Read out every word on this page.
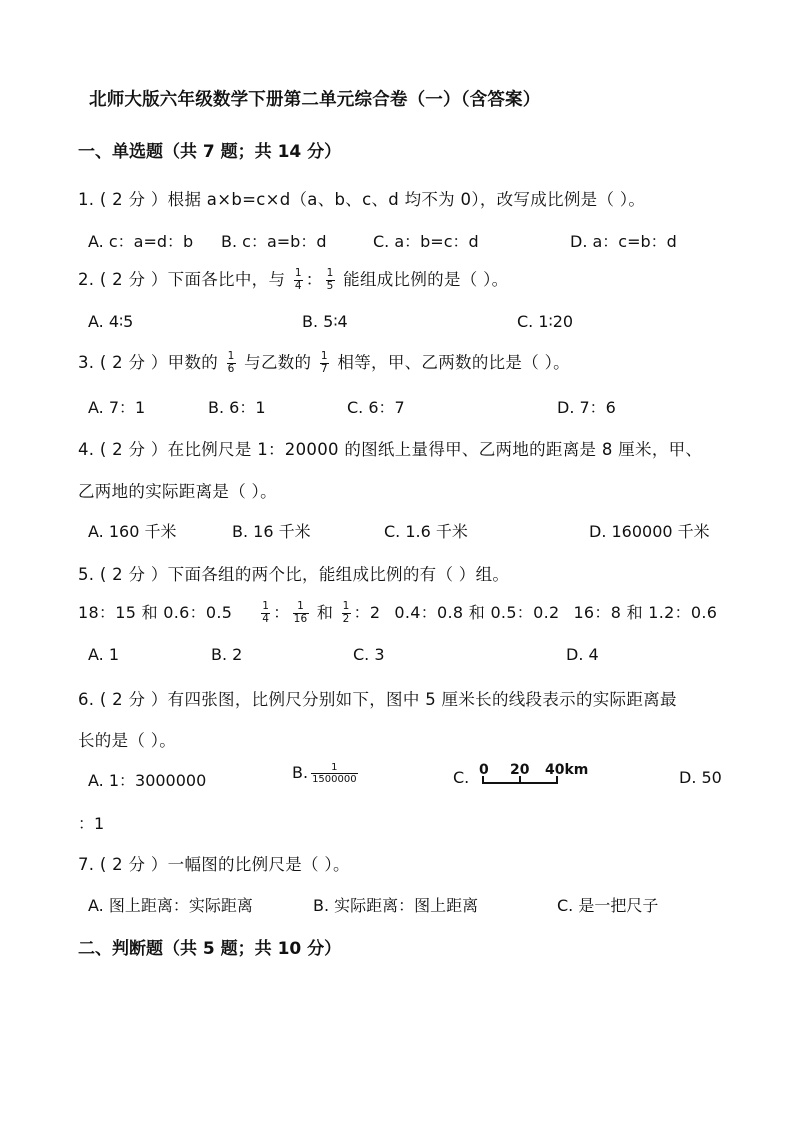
北师大版六年级数学下册第二单元综合卷（一）（含答案）
一、单选题（共 7 题；共 14 分）
1. ( 2 分 ）根据 a×b=c×d（a、b、c、d 均不为 0），改写成比例是（ ）。
A. c：a=d：b B. c：a=b：d	C. a：b=c：d	D. a：c=b：d
2. ( 2 分 ）下面各比中，与 $\frac{1}{4}$ ： $\frac{1}{5}$ 能组成比例的是（ ）。
A. 4∶5	B. 5∶4	C. 1∶20
3. ( 2 分 ）甲数的 $\frac{1}{6}$ 与乙数的 $\frac{1}{7}$ 相等，甲、乙两数的比是（ ）。
A. 7：1	B. 6：1	C. 6：7	D. 7：6
4. ( 2 分 ）在比例尺是 1：20000 的图纸上量得甲、乙两地的距离是 8 厘米，甲、
乙两地的实际距离是（ ）。
A. 160 千米	B. 16 千米	C. 1.6 千米	D. 160000 千米
5. ( 2 分 ）下面各组的两个比，能组成比例的有（ ）组。
18：15 和 0.6：0.5	$\frac{1}{4}$ ： $\frac{1}{16}$ 和 $\frac{1}{2}$ ：2 0.4：0.8 和 0.5：0.2 16：8 和 1.2：0.6
A. 1	B. 2	C. 3	D. 4
6. ( 2 分 ）有四张图，比例尺分别如下，图中 5 厘米长的线段表示的实际距离最
长的是（ ）。
A. 1：3000000	B. $\frac{1}{1500000}$	C. 0 20 40km	D. 50
：1
7. ( 2 分 ）一幅图的比例尺是（ ）。
A. 图上距离：实际距离	B. 实际距离：图上距离	C. 是一把尺子
二、判断题（共 5 题；共 10 分）
